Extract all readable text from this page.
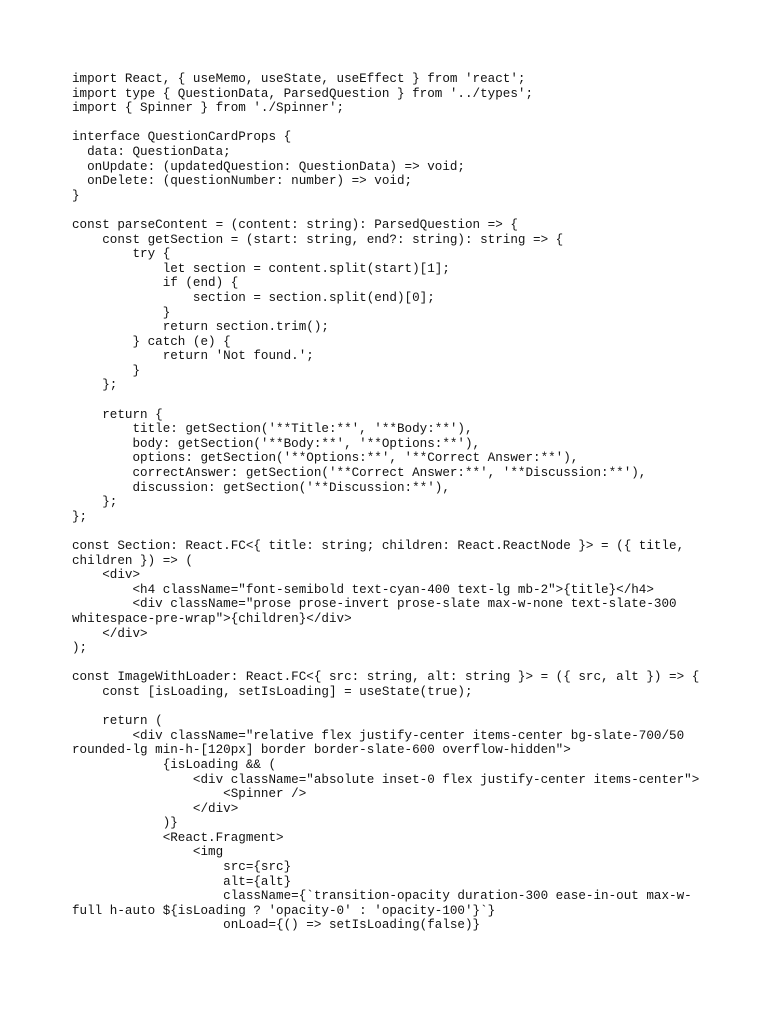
import React, { useMemo, useState, useEffect } from 'react';
import type { QuestionData, ParsedQuestion } from '../types';
import { Spinner } from './Spinner';
interface QuestionCardProps {
data: QuestionData;
onUpdate: (updatedQuestion: QuestionData) => void;
onDelete: (questionNumber: number) => void;
}
const parseContent = (content: string): ParsedQuestion => {
const getSection = (start: string, end?: string): string => {
try {
let section = content.split(start)[1];
if (end) {
section = section.split(end)[0];
}
return section.trim();
} catch (e) {
return 'Not found.';
}
};
return {
title: getSection('**Title:**', '**Body:**'),
body: getSection('**Body:**', '**Options:**'),
options: getSection('**Options:**', '**Correct Answer:**'),
correctAnswer: getSection('**Correct Answer:**', '**Discussion:**'),
discussion: getSection('**Discussion:**'),
};
};
const Section: React.FC<{ title: string; children: React.ReactNode }> = ({ title,
children }) => (
<div>
<h4 className="font-semibold text-cyan-400 text-lg mb-2">{title}</h4>
<div className="prose prose-invert prose-slate max-w-none text-slate-300
whitespace-pre-wrap">{children}</div>
</div>
);
const ImageWithLoader: React.FC<{ src: string, alt: string }> = ({ src, alt }) => {
const [isLoading, setIsLoading] = useState(true);
return (
<div className="relative flex justify-center items-center bg-slate-700/50
rounded-lg min-h-[120px] border border-slate-600 overflow-hidden">
{isLoading && (
<div className="absolute inset-0 flex justify-center items-center">
<Spinner />
</div>
)}
<React.Fragment>
<img
src={src}
alt={alt}
className={`transition-opacity duration-300 ease-in-out max-w-
full h-auto ${isLoading ? 'opacity-0' : 'opacity-100'}`}
onLoad={() => setIsLoading(false)}
